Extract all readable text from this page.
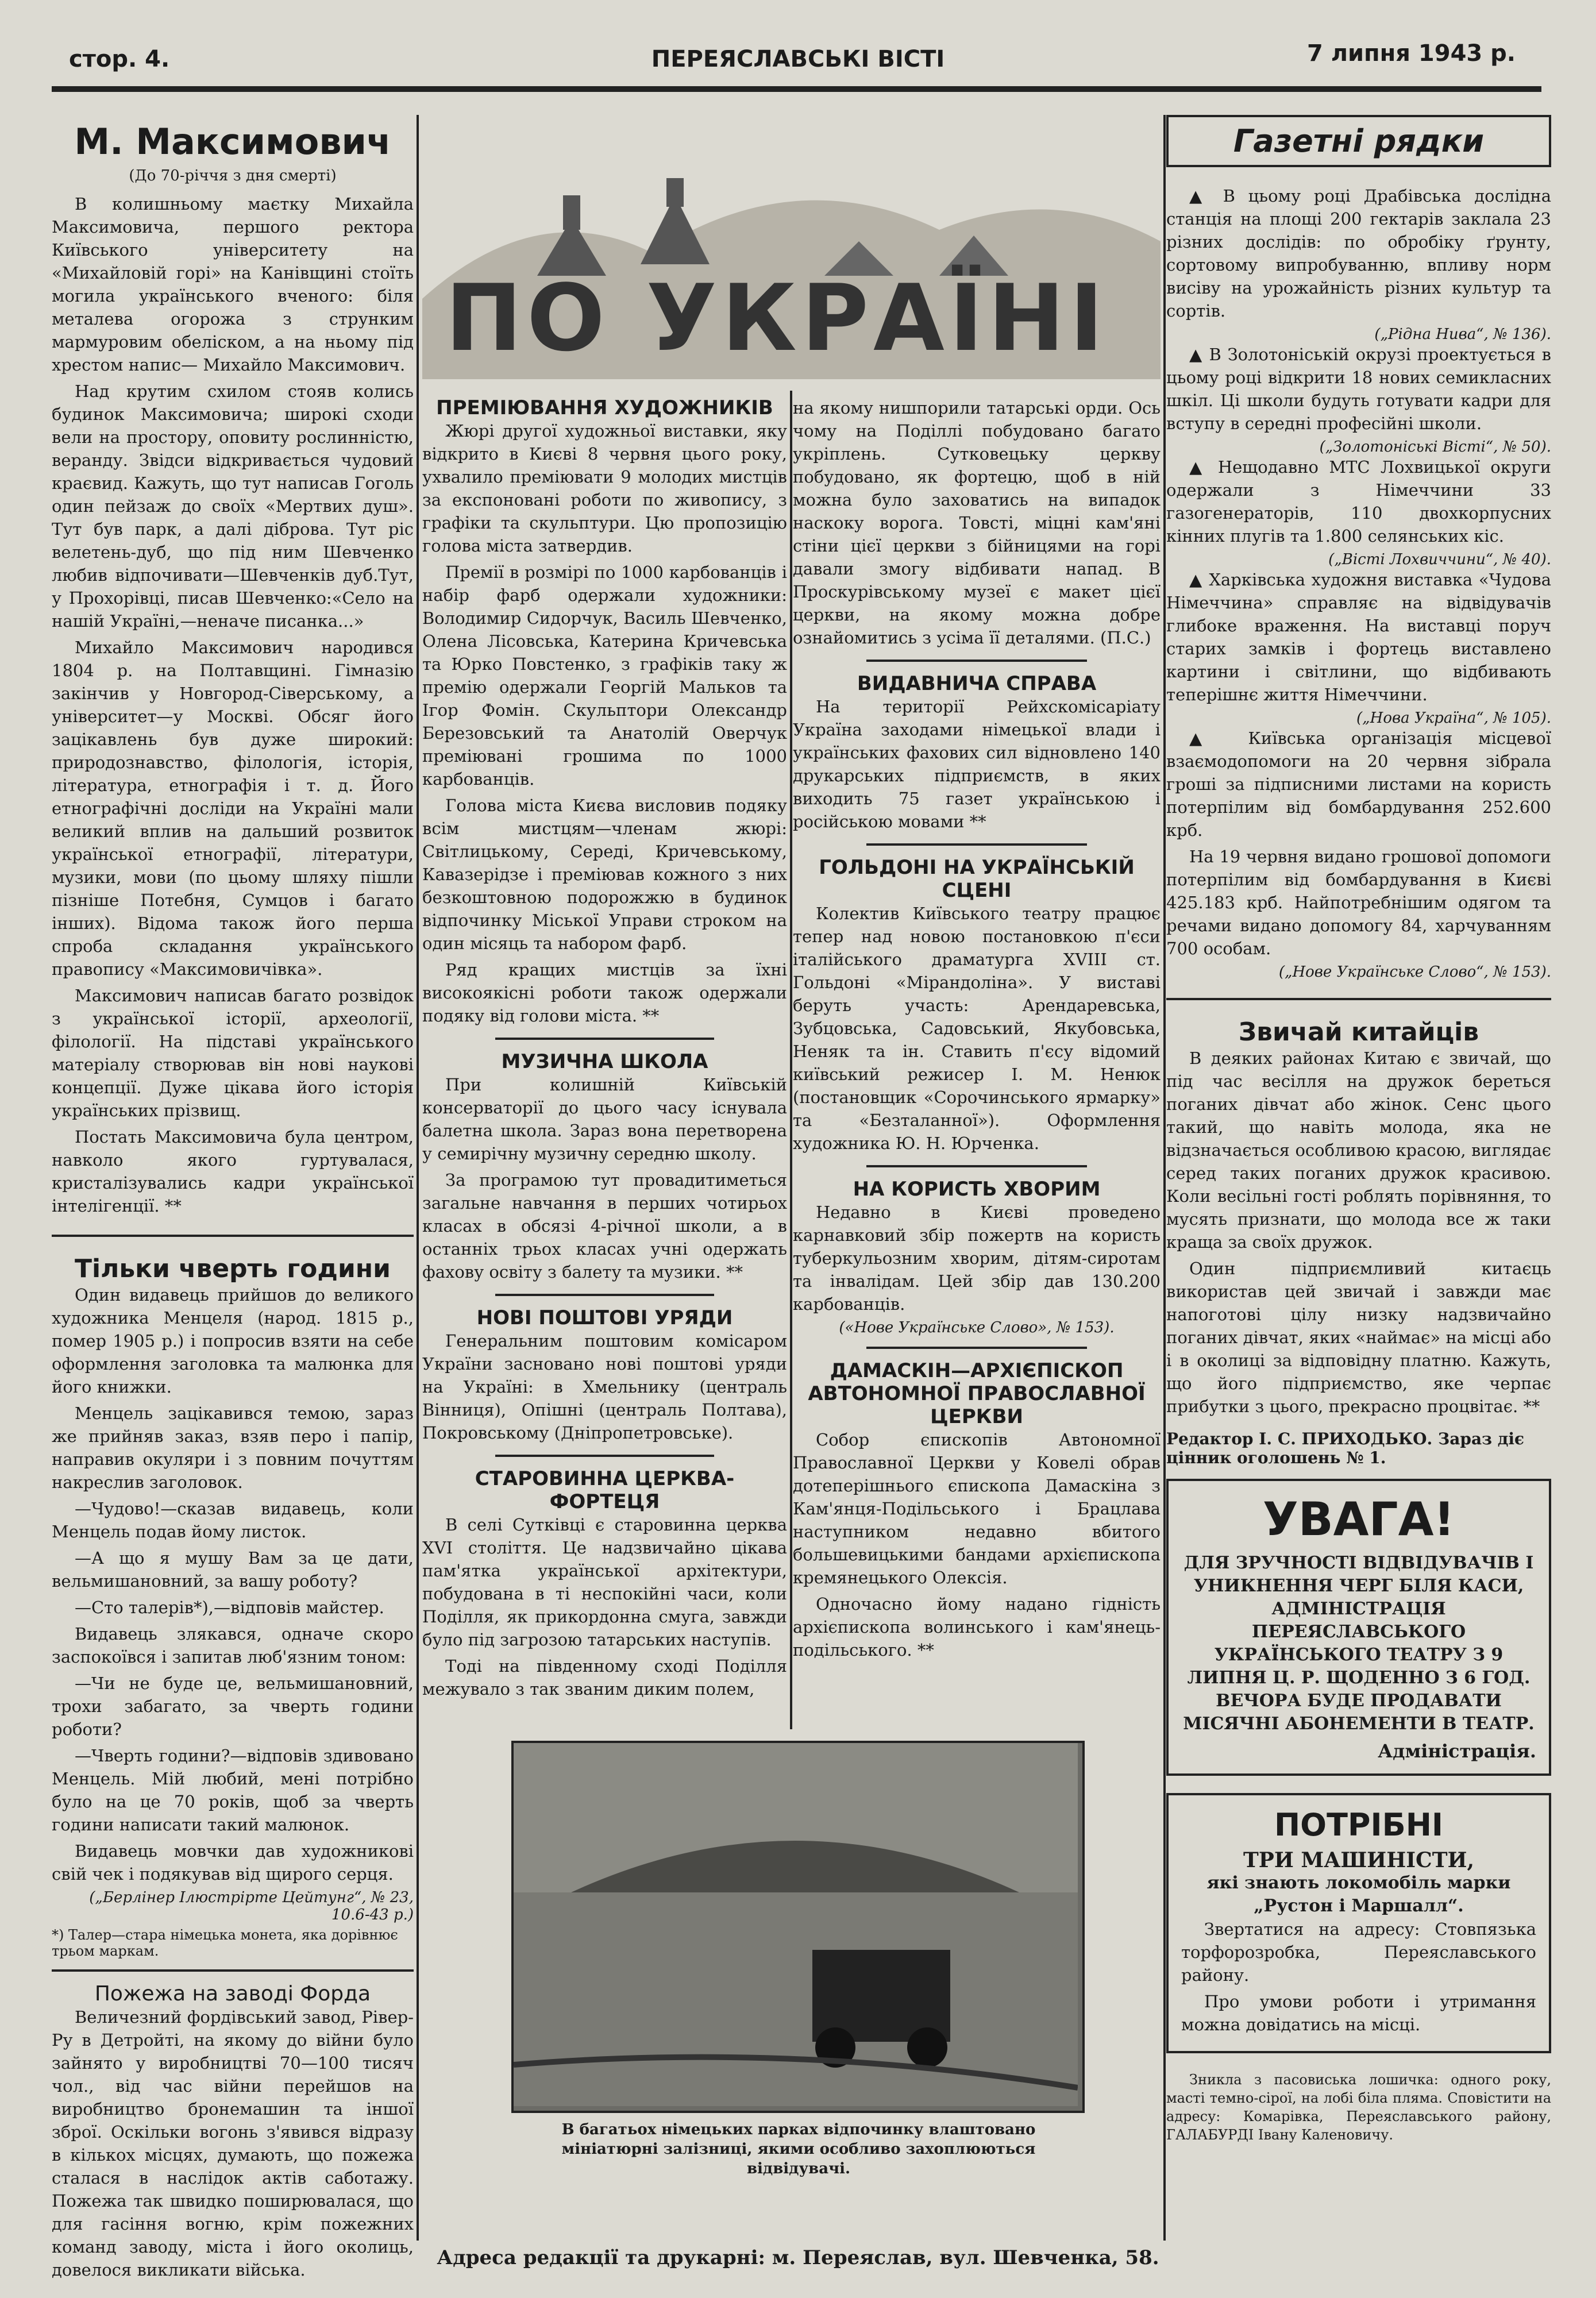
стор. 4.	ПЕРЕЯСЛАВСЬКІ ВІСТІ	7 липня 1943 р.
М. Максимович
(До 70-річчя з дня смерті)

В колишньому маєтку Михайла Максимовича, першого ректора Київського університету на «Михайловій горі» на Канівщині стоїть могила українського вченого: біля металева огорожа з струнким мармуровим обеліском, а на ньому під хрестом напис— Михайло Максимович.

Над крутим схилом стояв колись будинок Максимовича; широкі сходи вели на простору, оповиту рослинністю, веранду. Звідси відкривається чудовий краєвид. Кажуть, що тут написав Гоголь один пейзаж до своїх «Мертвих душ». Тут був парк, а далі діброва. Тут ріс велетень-дуб, що під ним Шевченко любив відпочивати—Шевченків дуб.Тут, у Прохорівці, писав Шевченко:«Село на нашій Україні,—неначе писанка...»

Михайло Максимович народився 1804 р. на Полтавщині. Гімназію закінчив у Новгород-Сіверському, а університет—у Москві. Обсяг його зацікавлень був дуже широкий: природознавство, філологія, історія, література, етнографія і т. д. Його етнографічні досліди на Україні мали великий вплив на дальший розвиток української етнографії, літератури, музики, мови (по цьому шляху пішли пізніше Потебня, Сумцов і багато інших). Відома також його перша спроба складання українського правопису «Максимовичівка».

Максимович написав багато розвідок з української історії, археології, філології. На підставі українського матеріалу створював він нові наукові концепції. Дуже цікава його історія українських прізвищ.

Постать Максимовича була центром, навколо якого гуртувалася, кристалізувались кадри української інтелігенції. **

Тільки чверть години

Один видавець прийшов до великого художника Менцеля (народ. 1815 р., помер 1905 р.) і попросив взяти на себе оформлення заголовка та малюнка для його книжки.

Менцель зацікавився темою, зараз же прийняв заказ, взяв перо і папір, направив окуляри і з повним почуттям накреслив заголовок.

—Чудово!—сказав видавець, коли Менцель подав йому листок.

—А що я мушу Вам за це дати, вельмишановний, за вашу роботу?

—Сто талерів*),—відповів майстер.

Видавець злякався, одначе скоро заспокоївся і запитав люб'язним тоном:

—Чи не буде це, вельмишановний, трохи забагато, за чверть години роботи?

—Чверть години?—відповів здивовано Менцель. Мій любий, мені потрібно було на це 70 років, щоб за чверть години написати такий малюнок.

Видавець мовчки дав художникові свій чек і подякував від щирого серця.

(„Берлінер Ілюстрірте Цейтунг“, № 23, 10.6-43 р.)
*) Талер—стара німецька монета, яка дорівнює трьом маркам.
Пожежа на заводі Форда

Величезний фордівський завод, Рівер-Ру в Детройті, на якому до війни було зайнято у виробництві 70—100 тисяч чол., від час війни перейшов на виробництво бронемашин та іншої зброї. Оскільки вогонь з'явився відразу в кількох місцях, думають, що пожежа сталася в наслідок актів саботажу. Пожежа так швидко поширювалася, що для гасіння вогню, крім пожежних команд заводу, міста і його околиць, довелося викликати війська.

ПО УКРАЇНІ
ПРЕМІЮВАННЯ ХУДОЖНИКІВ

Жюрі другої художньої виставки, яку відкрито в Києві 8 червня цього року, ухвалило преміювати 9 молодих мистців за експоновані роботи по живопису, з графіки та скульптури. Цю пропозицію голова міста затвердив.

Премії в розмірі по 1000 карбованців і набір фарб одержали художники: Володимир Сидорчук, Василь Шевченко, Олена Лісовська, Катерина Кричевська та Юрко Повстенко, з графіків таку ж премію одержали Георгій Мальков та Ігор Фомін. Скульптори Олександр Березовський та Анатолій Оверчук преміювані грошима по 1000 карбованців.

Голова міста Києва висловив подяку всім мистцям—членам жюрі: Світлицькому, Середі, Кричевському, Кавазерідзе і преміював кожного з них безкоштовною подорожжю в будинок відпочинку Міської Управи строком на один місяць та набором фарб.

Ряд кращих мистців за їхні високоякісні роботи також одержали подяку від голови міста. **

МУЗИЧНА ШКОЛА

При колишній Київській консерваторії до цього часу існувала балетна школа. Зараз вона перетворена у семирічну музичну середню школу.

За програмою тут провадитиметься загальне навчання в перших чотирьох класах в обсязі 4-річної школи, а в останніх трьох класах учні одержать фахову освіту з балету та музики. **

НОВІ ПОШТОВІ УРЯДИ

Генеральним поштовим комісаром України засновано нові поштові уряди на Україні: в Хмельнику (централь Вінниця), Опішні (централь Полтава), Покровському (Дніпропетровське).

СТАРОВИННА ЦЕРКВА-ФОРТЕЦЯ

В селі Сутківці є старовинна церква XVI століття. Це надзвичайно цікава пам'ятка української архітектури, побудована в ті неспокійні часи, коли Поділля, як прикордонна смуга, завжди було під загрозою татарських наступів.

Тоді на південному сході Поділля межувало з так званим диким полем,

на якому нишпорили татарські орди. Ось чому на Поділлі побудовано багато укріплень. Сутковецьку церкву побудовано, як фортецю, щоб в ній можна було заховатись на випадок наскоку ворога. Товсті, міцні кам'яні стіни цієї церкви з бійницями на горі давали змогу відбивати напад. В Проскурівському музеї є макет цієї церкви, на якому можна добре ознайомитись з усіма її деталями. (П.С.)

ВИДАВНИЧА СПРАВА

На території Рейхскомісаріату Україна заходами німецької влади і українських фахових сил відновлено 140 друкарських підприємств, в яких виходить 75 газет українською і російською мовами **

ГОЛЬДОНІ НА УКРАЇНСЬКІЙ СЦЕНІ

Колектив Київського театру працює тепер над новою постановкою п'єси італійського драматурга XVIII ст. Гольдоні «Мірандоліна». У виставі беруть участь: Арендаревська, Зубцовська, Садовський, Якубовська, Неняк та ін. Ставить п'єсу відомий київський режисер І. М. Ненюк (постановщик «Сорочинського ярмарку» та «Безталанної»). Оформлення художника Ю. Н. Юрченка.

НА КОРИСТЬ ХВОРИМ

Недавно в Києві проведено карнавковий збір пожертв на користь туберкульозним хворим, дітям-сиротам та інвалідам. Цей збір дав 130.200 карбованців.

(«Нове Українське Слово», № 153).
ДАМАСКІН—АРХІЄПІСКОП АВТОНОМНОЇ ПРАВОСЛАВНОЇ ЦЕРКВИ

Собор єпископів Автономної Православної Церкви у Ковелі обрав дотеперішнього єпископа Дамаскіна з Кам'янця-Подільського і Брацлава наступником недавно вбитого большевицькими бандами архієпископа кремянецького Олексія.

Одночасно йому надано гідність архієпископа волинського і кам'янець-подільського. **

В багатьох німецьких парках відпочинку влаштовано мініатюрні залізниці, якими особливо захоплюються відвідувачі.
Газетні рядки

▲ В цьому році Драбівська дослідна станція на площі 200 гектарів заклала 23 різних дослідів: по обробіку ґрунту, сортовому випробуванню, впливу норм висіву на урожайність різних культур та сортів.

(„Рідна Нива“, № 136).

▲ В Золотоніській окрузі проектується в цьому році відкрити 18 нових семикласних шкіл. Ці школи будуть готувати кадри для вступу в середні професійні школи.

(„Золотоніські Вісті“, № 50).

▲ Нещодавно МТС Лохвицької округи одержали з Німеччини 33 газогенераторів, 110 двохкорпусних кінних плугів та 1.800 селянських кіс.

(„Вісті Лохвиччини“, № 40).

▲ Харківська художня виставка «Чудова Німеччина» справляє на відвідувачів глибоке враження. На виставці поруч старих замків і фортець виставлено картини і світлини, що відбивають теперішнє життя Німеччини.

(„Нова Україна“, № 105).

▲ Київська організація місцевої взаємодопомоги на 20 червня зібрала гроші за підписними листами на користь потерпілим від бомбардування 252.600 крб.

На 19 червня видано грошової допомоги потерпілим від бомбардування в Києві 425.183 крб. Найпотребнішим одягом та речами видано допомогу 84, харчуванням 700 особам.

(„Нове Українське Слово“, № 153).
Звичай китайців

В деяких районах Китаю є звичай, що під час весілля на дружок береться поганих дівчат або жінок. Сенс цього такий, що навіть молода, яка не відзначається особливою красою, виглядає серед таких поганих дружок красивою. Коли весільні гості роблять порівняння, то мусять признати, що молода все ж таки краща за своїх дружок.

Один підприємливий китаєць використав цей звичай і завжди має напоготові цілу низку надзвичайно поганих дівчат, яких «наймає» на місці або і в околиці за відповідну платню. Кажуть, що його підприємство, яке черпає прибутки з цього, прекрасно процвітає. **

Редактор І. С. ПРИХОДЬКО. Зараз діє цінник оголошень № 1.
УВАГА!
ДЛЯ ЗРУЧНОСТІ ВІДВІДУВАЧІВ І УНИКНЕННЯ ЧЕРГ БІЛЯ КАСИ, АДМІНІСТРАЦІЯ ПЕРЕЯСЛАВСЬКОГО УКРАЇНСЬКОГО ТЕАТРУ З 9 ЛИПНЯ Ц. Р. ЩОДЕННО З 6 ГОД. ВЕЧОРА БУДЕ ПРОДАВАТИ МІСЯЧНІ АБОНЕМЕНТИ В ТЕАТР.
Адміністрація.
ПОТРІБНІ
ТРИ МАШИНІСТИ,
які знають локомобіль марки „Рустон і Маршалл“.

Звертатися на адресу: Стовпязька торфорозробка, Переяславського району.

Про умови роботи і утримання можна довідатись на місці.

Зникла з пасовиська лошичка: одного року, масті темно-сірої, на лобі біла пляма. Сповістити на адресу: Комарівка, Переяславського району, ГАЛАБУРДІ Івану Каленовичу.

Адреса редакції та друкарні: м. Переяслав, вул. Шевченка, 58.
